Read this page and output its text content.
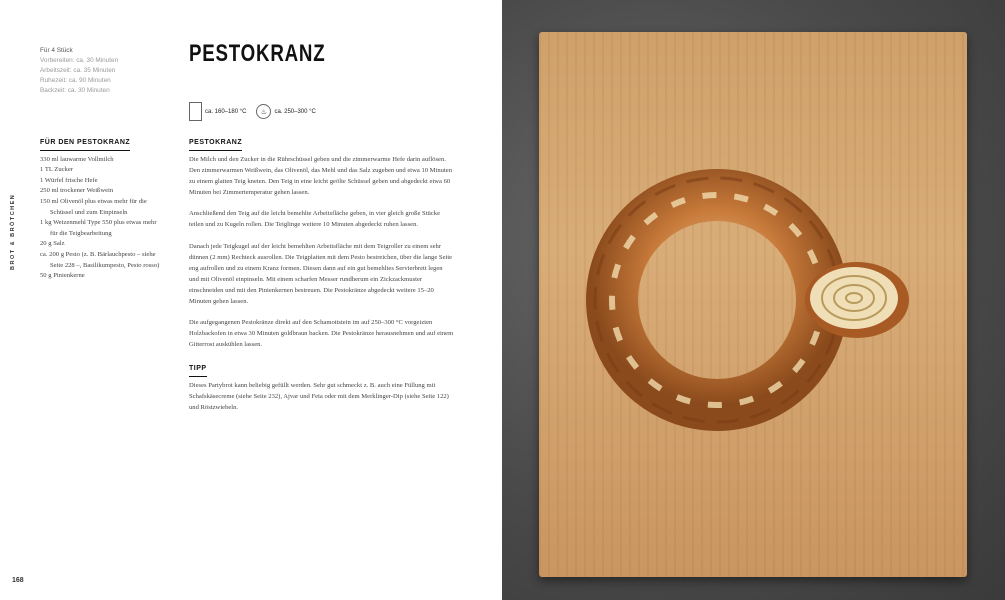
Für 4 Stück
Vorbereiten: ca. 30 Minuten
Arbeitszeit: ca. 35 Minuten
Ruhezeit: ca. 90 Minuten
Backzeit: ca. 30 Minuten
PESTOKRANZ
ca. 160–180 °C	♨	ca. 250–300 °C
FÜR DEN PESTOKRANZ

330 ml lauwarme Vollmilch

1 TL Zucker

1 Würfel frische Hefe

250 ml trockener Weißwein

150 ml Olivenöl plus etwas mehr für die Schüssel und zum Einpinseln

1 kg Weizenmehl Type 550 plus etwas mehr für die Teigbearbeitung

20 g Salz

ca. 200 g Pesto (z. B. Bärlauchpesto – siehe Seite 228 –, Basilikumpesto, Pesto rosso)

50 g Pinienkerne

PESTOKRANZ

Die Milch und den Zucker in die Rührschüssel geben und die zimmerwarme Hefe darin auflösen. Den zimmerwarmen Weißwein, das Olivenöl, das Mehl und das Salz zugeben und etwa 10 Minuten zu einem glatten Teig kneten. Den Teig in eine leicht geölte Schüssel geben und abgedeckt etwa 60 Minuten bei Zimmertemperatur gehen lassen.

Anschließend den Teig auf die leicht bemehlte Arbeitsfläche geben, in vier gleich große Stücke teilen und zu Kugeln rollen. Die Teiglinge weitere 10 Minuten abgedeckt ruhen lassen.

Danach jede Teigkugel auf der leicht bemehlten Arbeitsfläche mit dem Teigroller zu einem sehr dünnen (2 mm) Rechteck ausrollen. Die Teigplatten mit dem Pesto bestreichen, über die lange Seite eng aufrollen und zu einem Kranz formen. Diesen dann auf ein gut bemehltes Servierbrett legen und mit Olivenöl einpinseln. Mit einem scharfen Messer rundherum ein Zickzackmuster einschneiden und mit den Pinienkernen bestreuen. Die Pestokränze abgedeckt weitere 15–20 Minuten gehen lassen.

Die aufgegangenen Pestokränze direkt auf den Schamottstein im auf 250–300 °C vorgeizten Holzbackofen in etwa 30 Minuten goldbraun backen. Die Pestokränze herausnehmen und auf einem Gitterrost auskühlen lassen.

TIPP

Dieses Partybrot kann beliebig gefüllt werden. Sehr gut schmeckt z. B. auch eine Füllung mit Schafskäsecreme (siehe Seite 232), Ajvar und Feta oder mit dem Merklinger-Dip (siehe Seite 122) und Röstzwiebeln.

BROT & BRÖTCHEN
168
